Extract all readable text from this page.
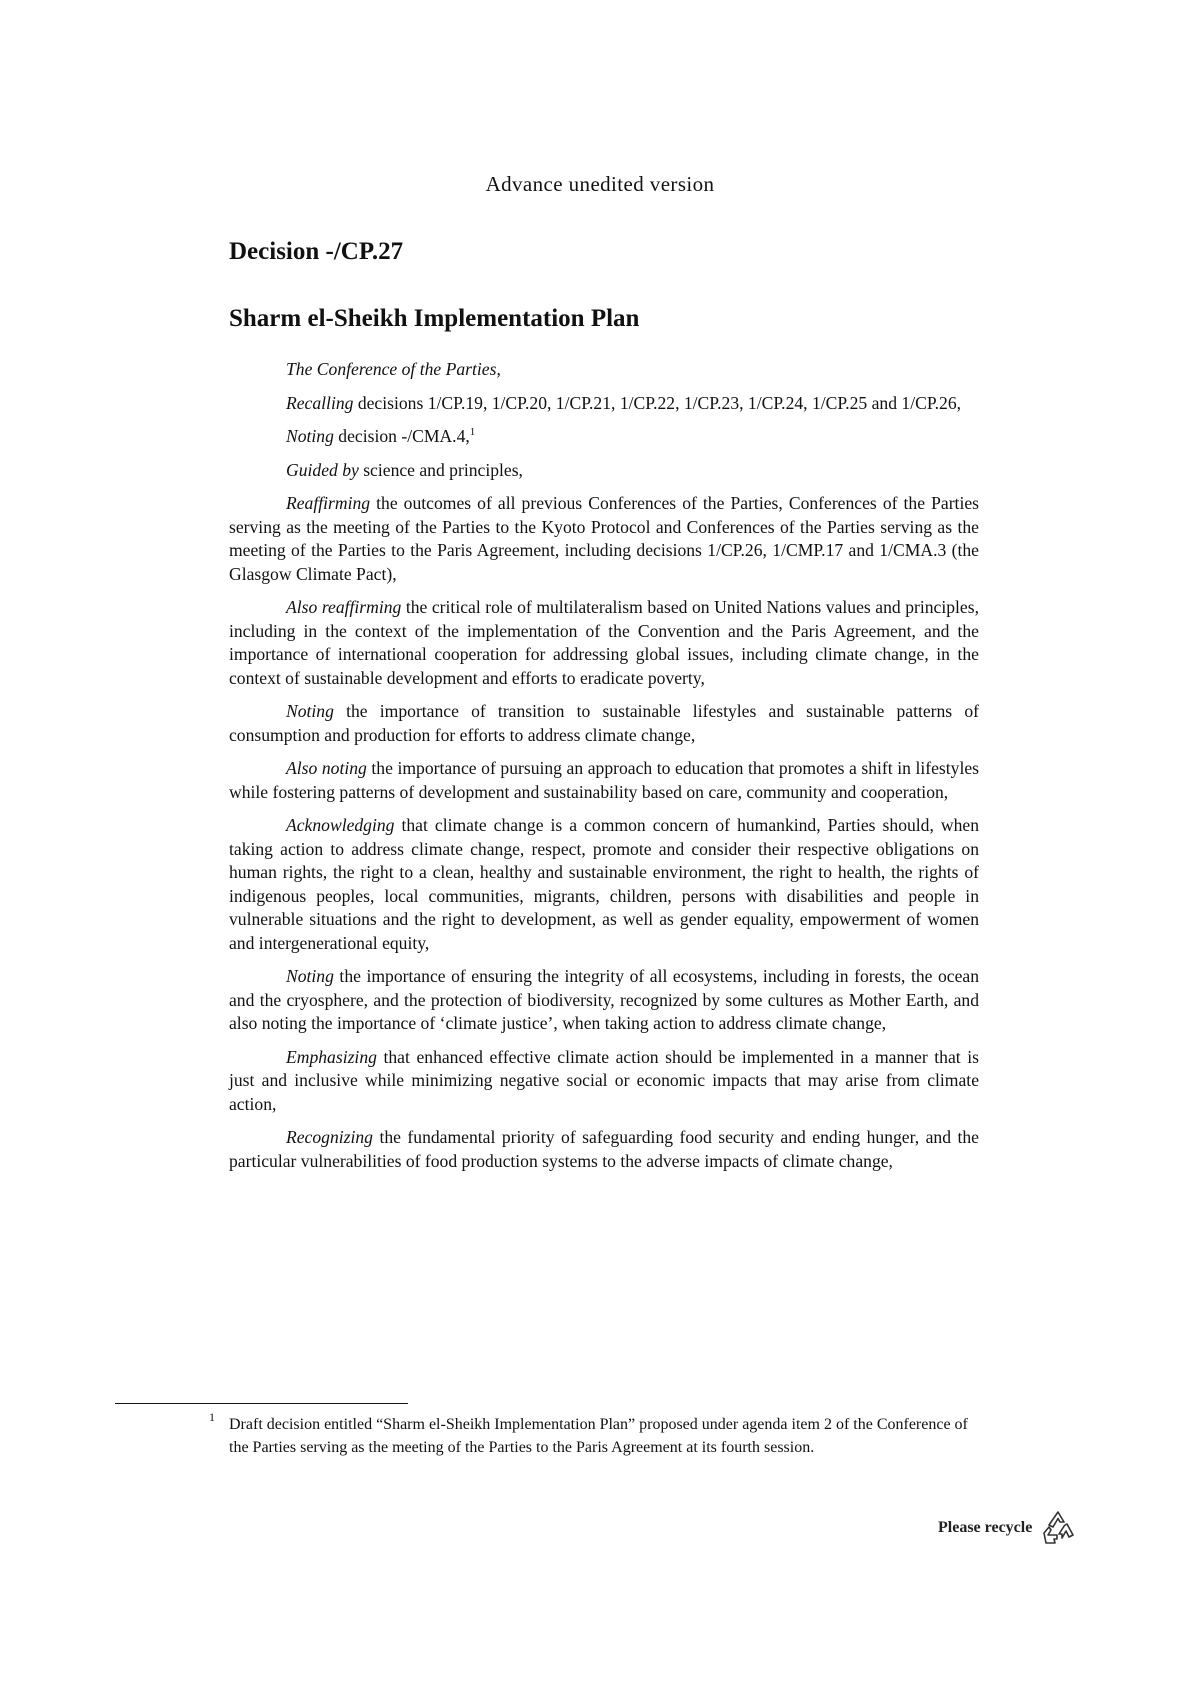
Advance unedited version
Decision -/CP.27
Sharm el-Sheikh Implementation Plan

The Conference of the Parties,

Recalling decisions 1/CP.19, 1/CP.20, 1/CP.21, 1/CP.22, 1/CP.23, 1/CP.24, 1/CP.25 and 1/CP.26,

Noting decision -/CMA.4,$^1$

Guided by science and principles,

Reaffirming the outcomes of all previous Conferences of the Parties, Conferences of the Parties serving as the meeting of the Parties to the Kyoto Protocol and Conferences of the Parties serving as the meeting of the Parties to the Paris Agreement, including decisions 1/CP.26, 1/CMP.17 and 1/CMA.3 (the Glasgow Climate Pact),

Also reaffirming the critical role of multilateralism based on United Nations values and principles, including in the context of the implementation of the Convention and the Paris Agreement, and the importance of international cooperation for addressing global issues, including climate change, in the context of sustainable development and efforts to eradicate poverty,

Noting the importance of transition to sustainable lifestyles and sustainable patterns of consumption and production for efforts to address climate change,

Also noting the importance of pursuing an approach to education that promotes a shift in lifestyles while fostering patterns of development and sustainability based on care, community and cooperation,

Acknowledging that climate change is a common concern of humankind, Parties should, when taking action to address climate change, respect, promote and consider their respective obligations on human rights, the right to a clean, healthy and sustainable environment, the right to health, the rights of indigenous peoples, local communities, migrants, children, persons with disabilities and people in vulnerable situations and the right to development, as well as gender equality, empowerment of women and intergenerational equity,

Noting the importance of ensuring the integrity of all ecosystems, including in forests, the ocean and the cryosphere, and the protection of biodiversity, recognized by some cultures as Mother Earth, and also noting the importance of ‘climate justice’, when taking action to address climate change,

Emphasizing that enhanced effective climate action should be implemented in a manner that is just and inclusive while minimizing negative social or economic impacts that may arise from climate action,

Recognizing the fundamental priority of safeguarding food security and ending hunger, and the particular vulnerabilities of food production systems to the adverse impacts of climate change,

1 Draft decision entitled “Sharm el-Sheikh Implementation Plan” proposed under agenda item 2 of the Conference of the Parties serving as the meeting of the Parties to the Paris Agreement at its fourth session.
Please recycle
